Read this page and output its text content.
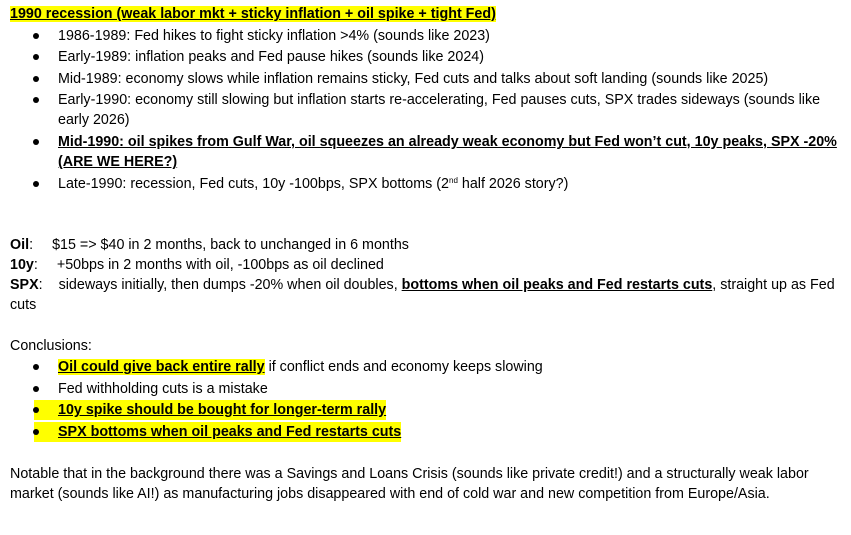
1990 recession (weak labor mkt + sticky inflation + oil spike + tight Fed)
1986-1989: Fed hikes to fight sticky inflation >4% (sounds like 2023)
Early-1989: inflation peaks and Fed pause hikes (sounds like 2024)
Mid-1989: economy slows while inflation remains sticky, Fed cuts and talks about soft landing (sounds like 2025)
Early-1990: economy still slowing but inflation starts re-accelerating, Fed pauses cuts, SPX trades sideways (sounds like early 2026)
Mid-1990: oil spikes from Gulf War, oil squeezes an already weak economy but Fed won’t cut, 10y peaks, SPX -20% (ARE WE HERE?)
Late-1990: recession, Fed cuts, 10y -100bps, SPX bottoms (2nd half 2026 story?)
Oil: $15 => $40 in 2 months, back to unchanged in 6 months
10y: +50bps in 2 months with oil, -100bps as oil declined
SPX: sideways initially, then dumps -20% when oil doubles, bottoms when oil peaks and Fed restarts cuts, straight up as Fed cuts
Conclusions:
Oil could give back entire rally if conflict ends and economy keeps slowing
Fed withholding cuts is a mistake
10y spike should be bought for longer-term rally
SPX bottoms when oil peaks and Fed restarts cuts
Notable that in the background there was a Savings and Loans Crisis (sounds like private credit!) and a structurally weak labor market (sounds like AI!) as manufacturing jobs disappeared with end of cold war and new competition from Europe/Asia.
